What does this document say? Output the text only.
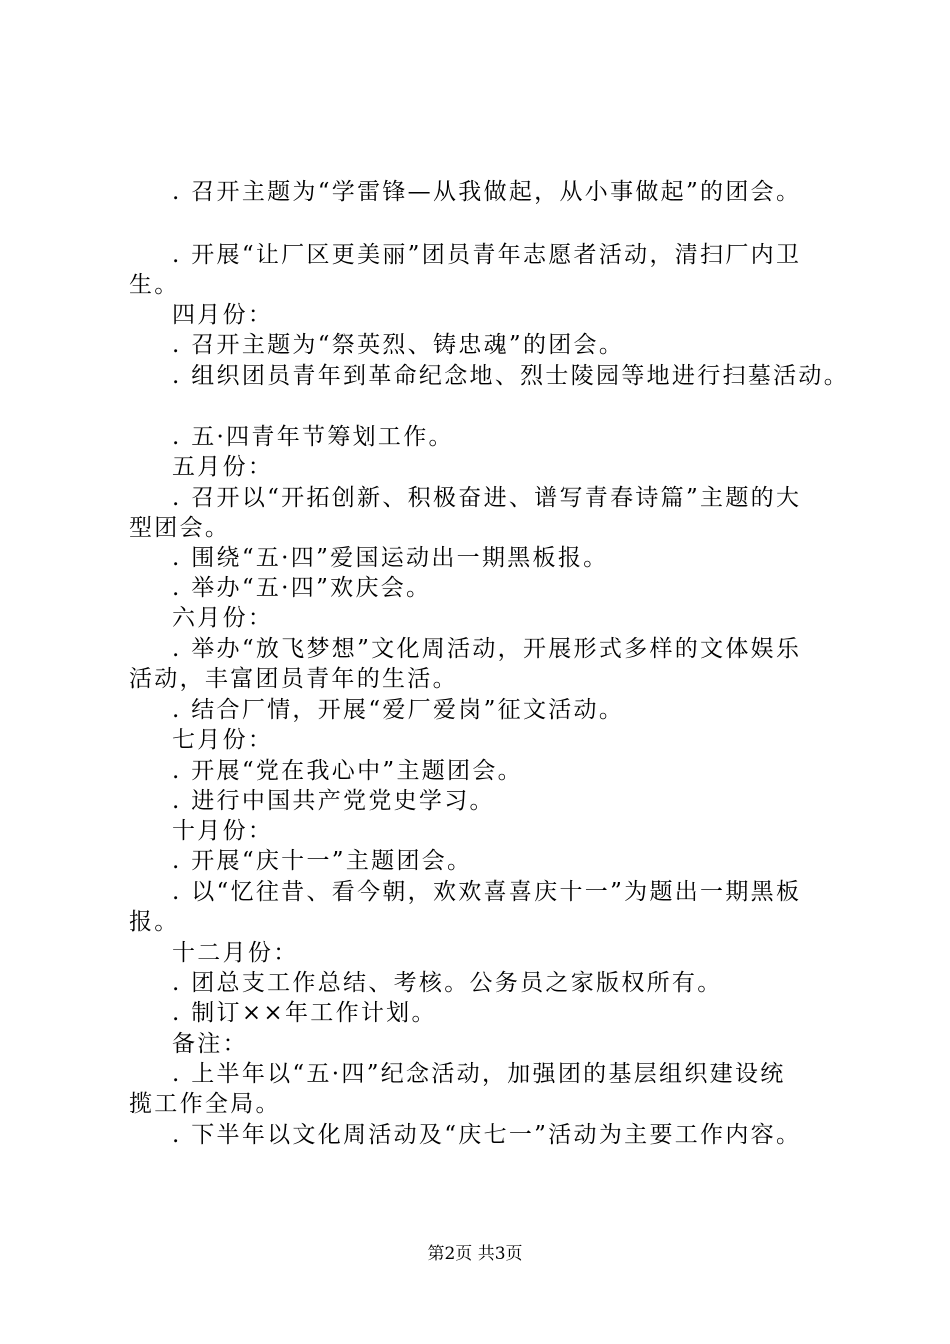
. 召开主题为“学雷锋—从我做起，从小事做起”的团会。
. 开展“让厂区更美丽”团员青年志愿者活动，清扫厂内卫
生。
四月份：
. 召开主题为“祭英烈、铸忠魂”的团会。
. 组织团员青年到革命纪念地、烈士陵园等地进行扫墓活动。
. 五·四青年节筹划工作。
五月份：
. 召开以“开拓创新、积极奋进、谱写青春诗篇”主题的大
型团会。
. 围绕“五·四”爱国运动出一期黑板报。
. 举办“五·四”欢庆会。
六月份：
. 举办“放飞梦想”文化周活动，开展形式多样的文体娱乐
活动，丰富团员青年的生活。
. 结合厂情，开展“爱厂爱岗”征文活动。
七月份：
. 开展“党在我心中”主题团会。
. 进行中国共产党党史学习。
十月份：
. 开展“庆十一”主题团会。
. 以“忆往昔、看今朝，欢欢喜喜庆十一”为题出一期黑板
报。
十二月份：
. 团总支工作总结、考核。公务员之家版权所有。
. 制订××年工作计划。
备注：
. 上半年以“五·四”纪念活动，加强团的基层组织建设统
揽工作全局。
. 下半年以文化周活动及“庆七一”活动为主要工作内容。
第2页 共3页
